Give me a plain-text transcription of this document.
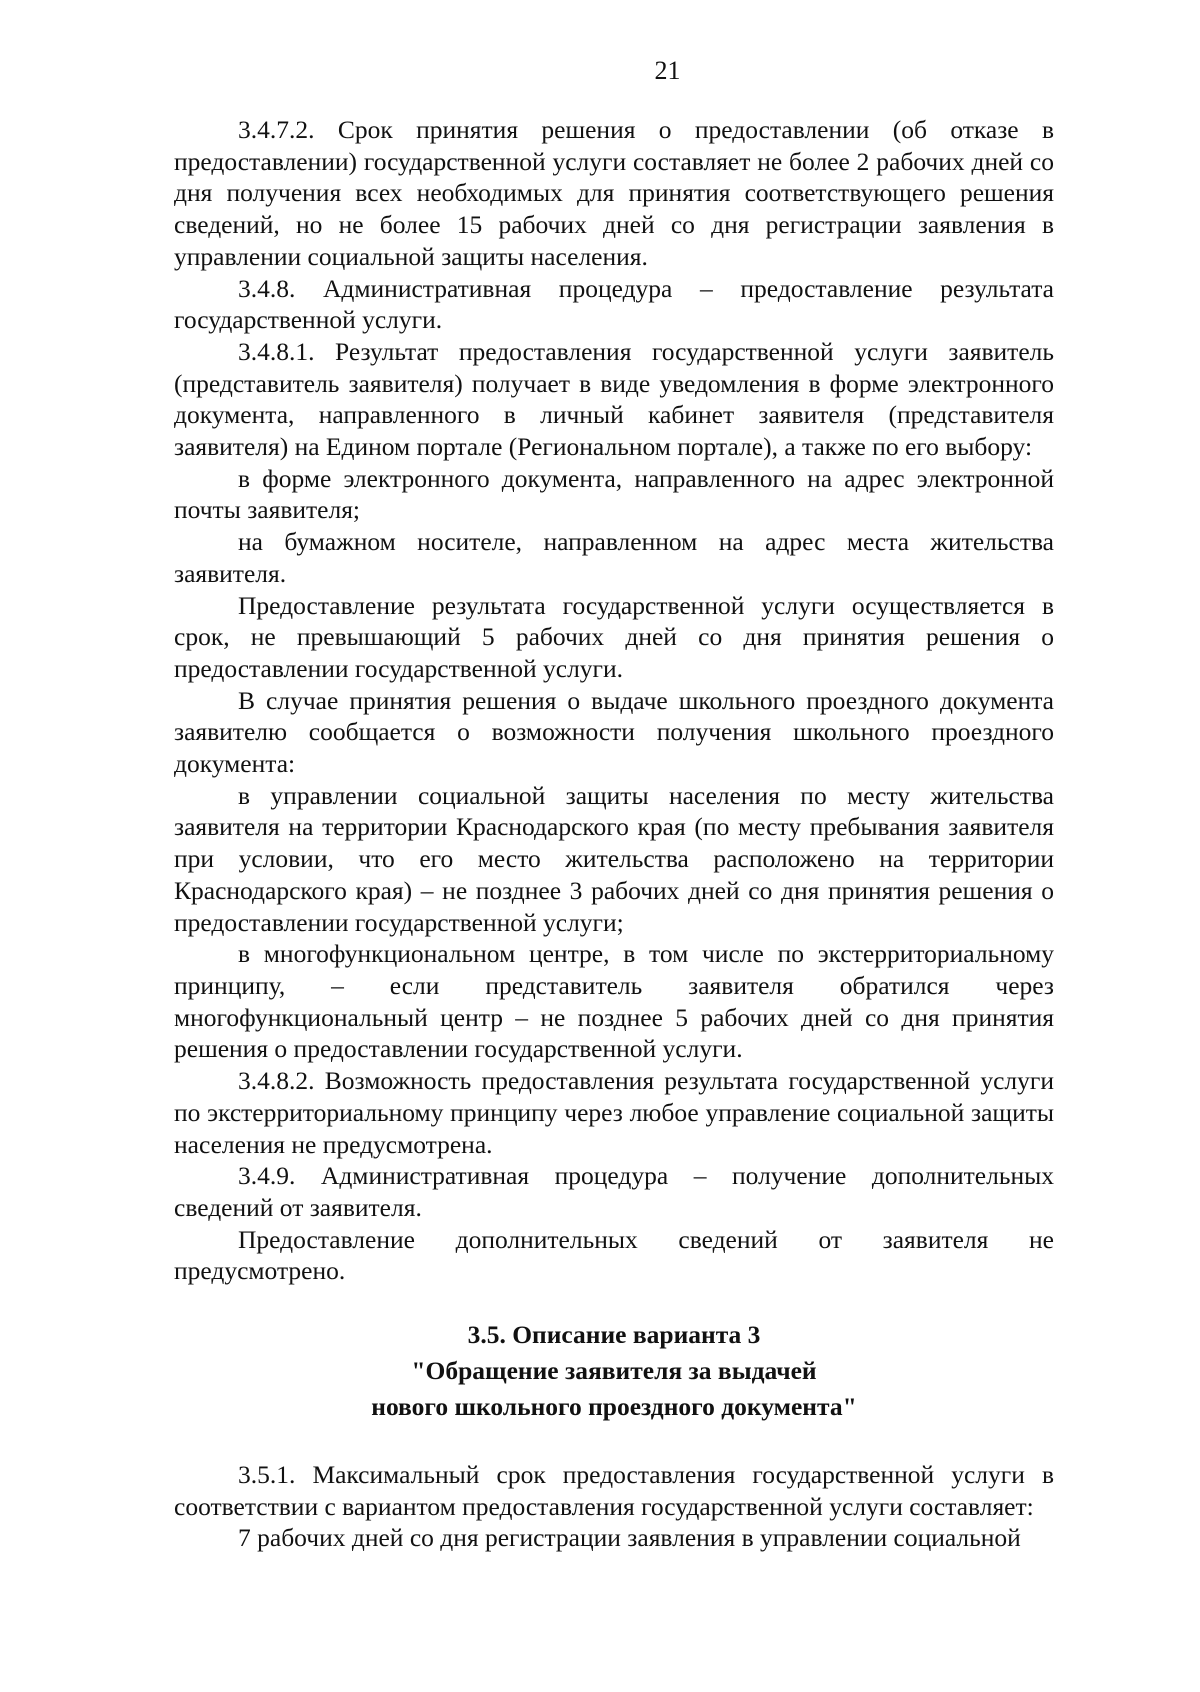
21

3.4.7.2. Срок принятия решения о предоставлении (об отказе в предоставлении) государственной услуги составляет не более 2 рабочих дней со дня получения всех необходимых для принятия соответствующего решения сведений, но не более 15 рабочих дней со дня регистрации заявления в управлении социальной защиты населения.

3.4.8. Административная процедура – предоставление результата государственной услуги.

3.4.8.1. Результат предоставления государственной услуги заявитель (представитель заявителя) получает в виде уведомления в форме электронного документа, направленного в личный кабинет заявителя (представителя заявителя) на Едином портале (Региональном портале), а также по его выбору:

в форме электронного документа, направленного на адрес электронной почты заявителя;

на бумажном носителе, направленном на адрес места жительства заявителя.

Предоставление результата государственной услуги осуществляется в срок, не превышающий 5 рабочих дней со дня принятия решения о предоставлении государственной услуги.

В случае принятия решения о выдаче школьного проездного документа заявителю сообщается о возможности получения школьного проездного документа:

в управлении социальной защиты населения по месту жительства заявителя на территории Краснодарского края (по месту пребывания заявителя при условии, что его место жительства расположено на территории Краснодарского края) – не позднее 3 рабочих дней со дня принятия решения о предоставлении государственной услуги;

в многофункциональном центре, в том числе по экстерриториальному принципу, – если представитель заявителя обратился через многофункциональный центр – не позднее 5 рабочих дней со дня принятия решения о предоставлении государственной услуги.

3.4.8.2. Возможность предоставления результата государственной услуги по экстерриториальному принципу через любое управление социальной защиты населения не предусмотрена.

3.4.9. Административная процедура – получение дополнительных сведений от заявителя.

Предоставление дополнительных сведений от заявителя не предусмотрено.

3.5. Описание варианта 3

"Обращение заявителя за выдачей

нового школьного проездного документа"

3.5.1. Максимальный срок предоставления государственной услуги в соответствии с вариантом предоставления государственной услуги составляет:

7 рабочих дней со дня регистрации заявления в управлении социальной
